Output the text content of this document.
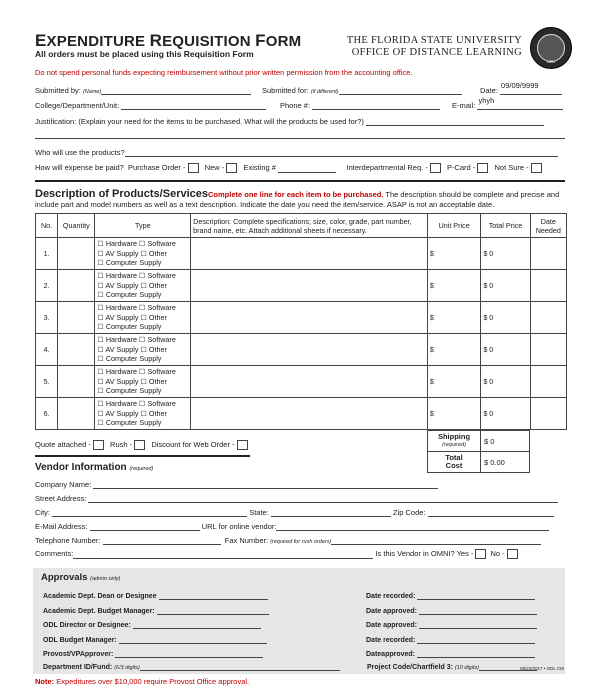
EXPENDITURE REQUISITION FORM
All orders must be placed using this Requisition Form
THE FLORIDA STATE UNIVERSITY
OFFICE OF DISTANCE LEARNING
1851
Do not spend personal funds expecting reimbursement without prior written permission from the accounting office.
Submitted by: (Name)	Submitted for: (if different)	Date:
09/09/9999
College/Department/Unit:	Phone #:	E-mail:
yhyh
Justification: (Explain your need for the items to be purchased. What will the products be used for?)
Who will use the products?
How will expense be paid? Purchase Order -	New -	Existing #	Interdepartmental Req. -	P-Card -	Not Sure -
Description of Products/ServicesComplete one line for each item to be purchased. The description should be complete and precise and include part and model numbers as well as a text description. Indicate the date you need the item/service. ASAP is not an acceptable date.
No.	Quantity	Type	Description: Complete specifications; size, color, grade, part number, brand name, etc. Attach additional sheets if necessary.	Unit Price	Total Price	Date Needed
1.		☐ Hardware ☐ Software
☐ AV Supply ☐ Other
☐ Computer Supply		$	$ 0	
2.		☐ Hardware ☐ Software
☐ AV Supply ☐ Other
☐ Computer Supply		$	$ 0	
3.		☐ Hardware ☐ Software
☐ AV Supply ☐ Other
☐ Computer Supply		$	$ 0	
4.		☐ Hardware ☐ Software
☐ AV Supply ☐ Other
☐ Computer Supply		$	$ 0	
5.		☐ Hardware ☐ Software
☐ AV Supply ☐ Other
☐ Computer Supply		$	$ 0	
6.		☐ Hardware ☐ Software
☐ AV Supply ☐ Other
☐ Computer Supply		$	$ 0	
Quote attached -	Rush -	Discount for Web Order -
Shipping
(required)	$ 0
Total Cost	$ 0.00
Vendor Information (required)
Company Name:
Street Address:
City:	State:	Zip Code:
E-Mail Address:	URL for online vendor:
Telephone Number:	Fax Number: (required for rush orders)
Comments:	Is this Vendor in OMNI? Yes - No -
Approvals (admin only)
Academic Dept. Dean or Designee	Date recorded:
Academic Dept. Budget Manager:	Date approved:
ODL Director or Designee:	Date approved:
ODL Budget Manager:	Date recorded:
Provost/VPApprover:	Dateapproved:
Department ID/Fund: (6/3 digits)	Project Code/Chartfield 3: (10 digits)	08/23/2017 • ODL CM
Note: Expeditures over $10,000 require Provost Office approval.
